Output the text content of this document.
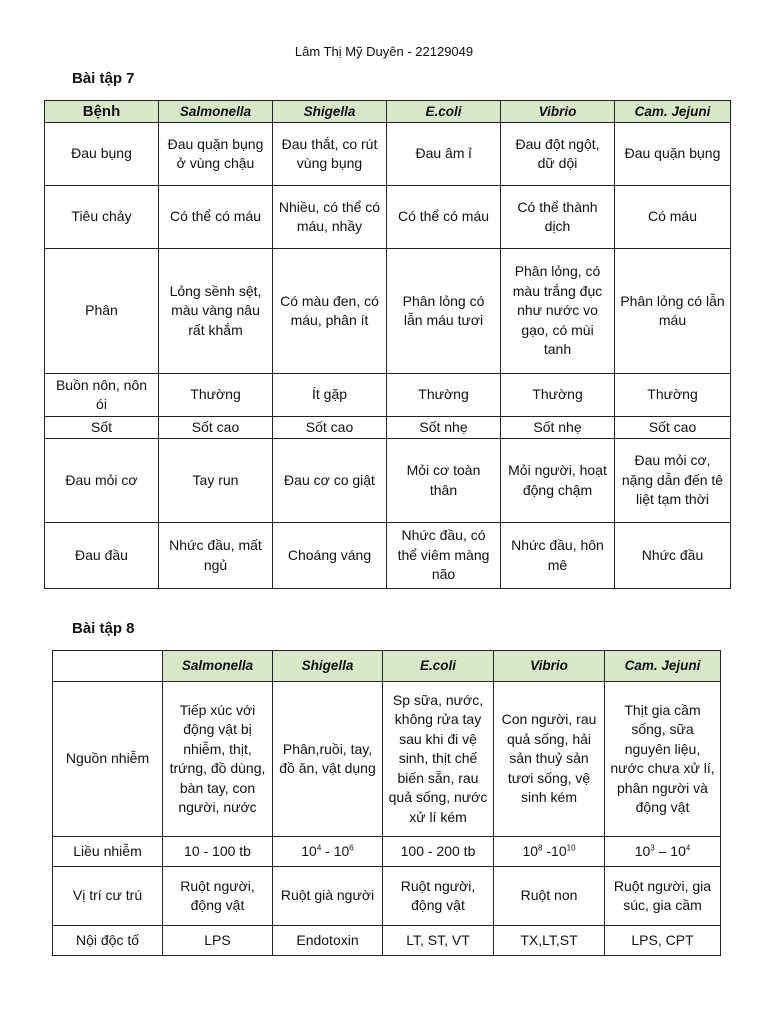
Lâm Thị Mỹ Duyên - 22129049
Bài tập 7
Bệnh	Salmonella	Shigella	E.coli	Vibrio	Cam. Jejuni
Đau bụng	Đau quặn bụng ở vùng chậu	Đau thắt, co rút vùng bụng	Đau âm ỉ	Đau đột ngột, dữ dội	Đau quặn bụng
Tiêu chảy	Có thể có máu	Nhiều, có thể có máu, nhầy	Có thể có máu	Có thể thành dịch	Có máu
Phân	Lỏng sềnh sệt, màu vàng nâu rất khắm	Có màu đen, có máu, phân ít	Phân lỏng có lẫn máu tươi	Phân lỏng, có màu trắng đục như nước vo gạo, có mùi tanh	Phân lỏng có lẫn máu
Buồn nôn, nôn ói	Thường	Ít gặp	Thường	Thường	Thường
Sốt	Sốt cao	Sốt cao	Sốt nhẹ	Sốt nhẹ	Sốt cao
Đau mỏi cơ	Tay run	Đau cơ co giật	Mỏi cơ toàn thân	Mỏi người, hoạt động chậm	Đau mỏi cơ, nặng dẫn đến tê liệt tạm thời
Đau đầu	Nhức đầu, mất ngủ	Choáng váng	Nhức đầu, có thể viêm màng não	Nhức đầu, hôn mê	Nhức đầu
Bài tập 8
	Salmonella	Shigella	E.coli	Vibrio	Cam. Jejuni
Nguồn nhiễm	Tiếp xúc với động vật bị nhiễm, thịt, trứng, đồ dùng, bàn tay, con người, nước	Phân,ruồi, tay, đồ ăn, vật dụng	Sp sữa, nước, không rửa tay sau khi đi vệ sinh, thịt chế biến sẵn, rau quả sống, nước xử lí kém	Con người, rau quả sống, hải sản thuỷ sản tươi sống, vệ sinh kém	Thịt gia cầm sống, sữa nguyên liệu, nước chưa xử lí, phân người và động vật
Liều nhiễm	10 - 100 tb	$10^4 - 10^6$	100 - 200 tb	$10^8$ $-10^{10}$	$10^3 - 10^4$
Vị trí cư trú	Ruột người, động vật	Ruột già người	Ruột người, động vật	Ruột non	Ruột người, gia súc, gia cầm
Nội độc tố	LPS	Endotoxin	LT, ST, VT	TX,LT,ST	LPS, CPT
